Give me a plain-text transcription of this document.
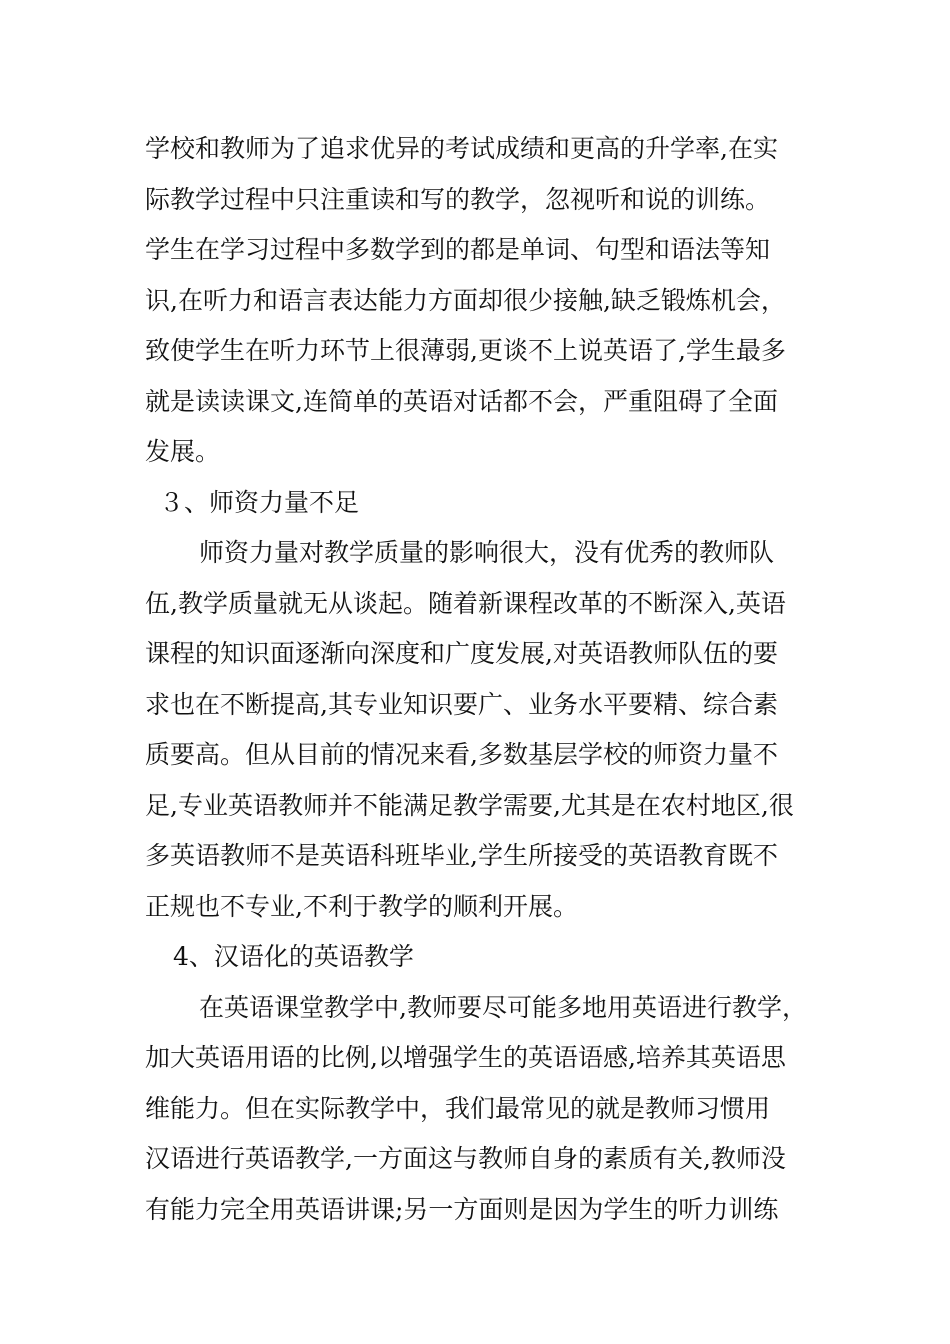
学校和教师为了追求优异的考试成绩和更高的升学率,在实
际教学过程中只注重读和写的教学，忽视听和说的训练。
学生在学习过程中多数学到的都是单词、句型和语法等知
识,在听力和语言表达能力方面却很少接触,缺乏锻炼机会，
致使学生在听力环节上很薄弱,更谈不上说英语了,学生最多
就是读读课文,连简单的英语对话都不会，严重阻碍了全面
发展。
３、师资力量不足
师资力量对教学质量的影响很大，没有优秀的教师队
伍,教学质量就无从谈起。随着新课程改革的不断深入,英语
课程的知识面逐渐向深度和广度发展,对英语教师队伍的要
求也在不断提高,其专业知识要广、业务水平要精、综合素
质要高。但从目前的情况来看,多数基层学校的师资力量不
足,专业英语教师并不能满足教学需要,尤其是在农村地区,很
多英语教师不是英语科班毕业,学生所接受的英语教育既不
正规也不专业,不利于教学的顺利开展。
4、汉语化的英语教学
在英语课堂教学中,教师要尽可能多地用英语进行教学，
加大英语用语的比例,以增强学生的英语语感,培养其英语思
维能力。但在实际教学中，我们最常见的就是教师习惯用
汉语进行英语教学,一方面这与教师自身的素质有关,教师没
有能力完全用英语讲课;另一方面则是因为学生的听力训练
